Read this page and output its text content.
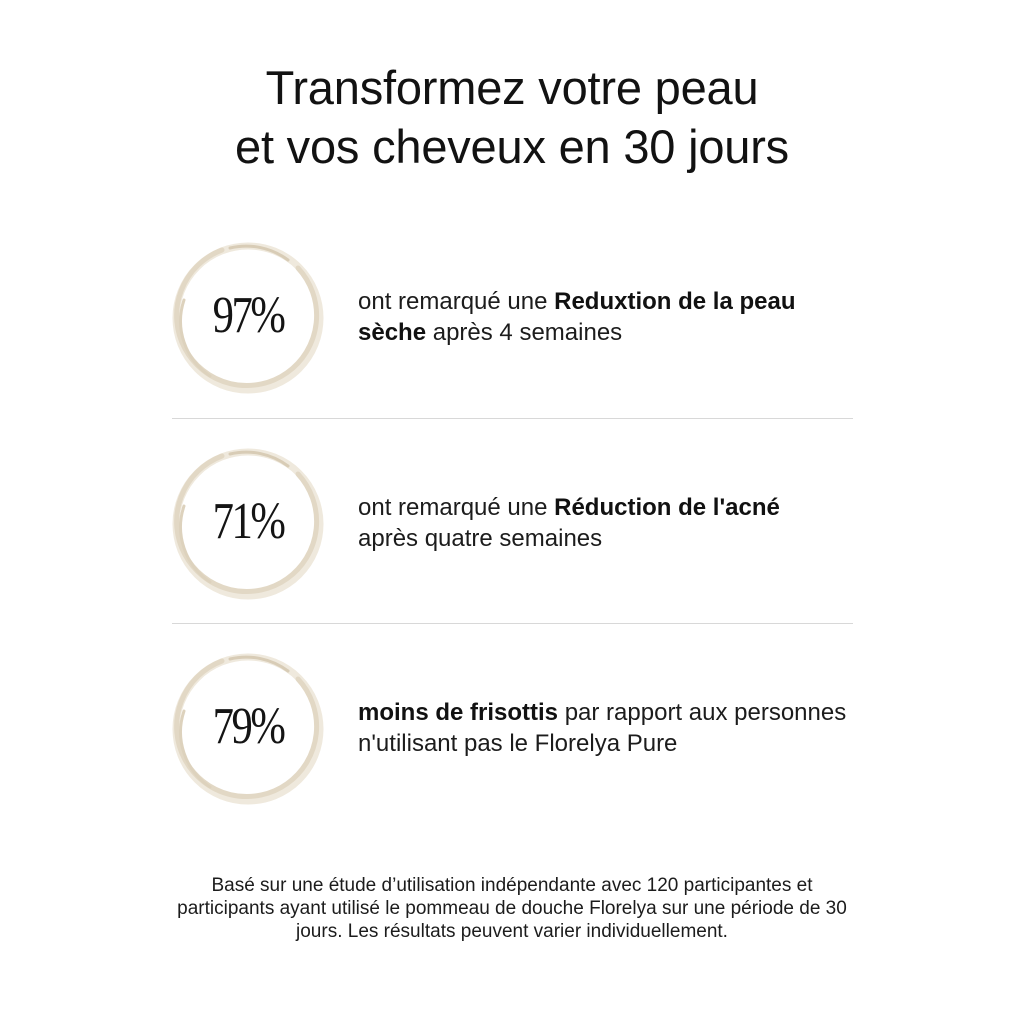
Transformez votre peau
et vos cheveux en 30 jours
97%	ont remarqué une Reduxtion de la peau sèche après 4 semaines
71%	ont remarqué une Réduction de l'acné
après quatre semaines
79%	moins de frisottis par rapport aux personnes n'utilisant pas le Florelya Pure
Basé sur une étude d’utilisation indépendante avec 120 participantes et participants ayant utilisé le pommeau de douche Florelya sur une période de 30 jours. Les résultats peuvent varier individuellement.
